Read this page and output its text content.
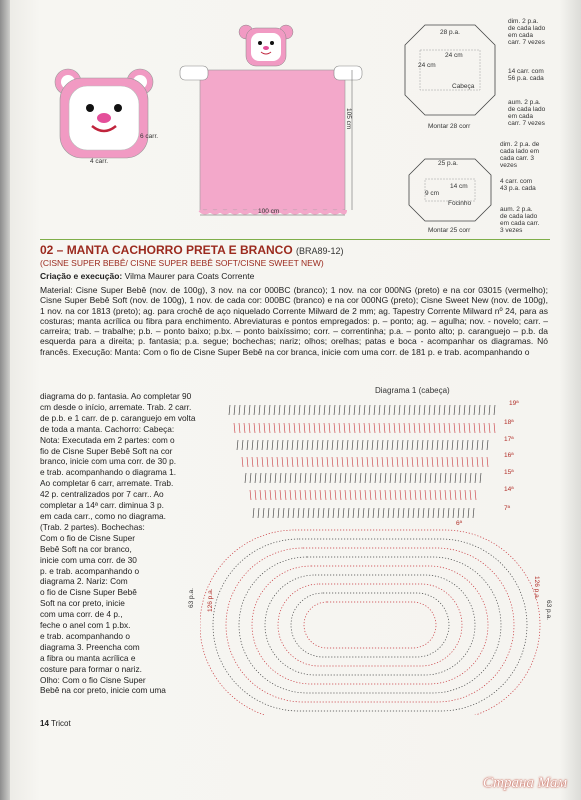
6 carr.
4 carr.
100 cm
105 cm
28 p.a.
24 cm
24 cm
Cabeça
Montar 28 corr
dim. 2 p.a. de cada lado em cada carr. 7 vezes
14 carr. com 56 p.a. cada
aum. 2 p.a. de cada lado em cada carr. 7 vezes
25 p.a.
14 cm
9 cm
Focinho
Montar 25 corr
dim. 2 p.a. de cada lado em cada carr. 3 vezes
4 carr. com 43 p.a. cada
aum. 2 p.a. de cada lado em cada carr. 3 vezes
02 – MANTA CACHORRO PRETA E BRANCO (BRA89-12)
(CISNE SUPER BEBÊ/ CISNE SUPER BEBÊ SOFT/CISNE SWEET NEW)
Criação e execução: Vilma Maurer para Coats Corrente
Material: Cisne Super Bebê (nov. de 100g), 3 nov. na cor 000BC (branco); 1 nov. na cor 000NG (preto) e na cor 03015 (vermelho); Cisne Super Bebê Soft (nov. de 100g), 1 nov. de cada cor: 000BC (branco) e na cor 000NG (preto); Cisne Sweet New (nov. de 100g), 1 nov. na cor 1813 (preto); ag. para crochê de aço niquelado Corrente Milward de 2 mm; ag. Tapestry Corrente Milward nº 24, para as costuras; manta acrílica ou fibra para enchimento. Abreviaturas e pontos empregados: p. – ponto; ag. – agulha; nov. - novelo; carr. – carreira; trab. – trabalhe; p.b. – ponto baixo; p.bx. – ponto baixíssimo; corr. – correntinha; p.a. – ponto alto; p. caranguejo – p.b. da esquerda para a direita; p. fantasia; p.a. segue; bochechas; nariz; olhos; orelhas; patas e boca - acompanhar os diagramas. Nó francês. Execução: Manta: Com o fio de Cisne Super Bebê na cor branca, inicie com uma corr. de 181 p. e trab. acompanhando o
diagrama do p. fantasia. Ao completar 90
cm desde o início, arremate. Trab. 2 carr.
de p.b. e 1 carr. de p. caranguejo em volta
de toda a manta. Cachorro: Cabeça:
Nota: Executada em 2 partes: com o
fio de Cisne Super Bebê Soft na cor
branco, inicie com uma corr. de 30 p.
e trab. acompanhando o diagrama 1.
Ao completar 6 carr, arremate. Trab.
42 p. centralizados por 7 carr.. Ao
completar a 14ª carr. diminua 3 p.
em cada carr., como no diagrama.
(Trab. 2 partes). Bochechas:
Com o fio de Cisne Super
Bebê Soft na cor branco,
inicie com uma corr. de 30
p. e trab. acompanhando o
diagrama 2. Nariz: Com
o fio de Cisne Super Bebê
Soft na cor preto, inicie
com uma corr. de 4 p.,
feche o anel com 1 p.bx.
e trab. acompanhando o
diagrama 3. Preencha com
a fibra ou manta acrílica e
costure para formar o nariz.
Olho: Com o fio Cisne Super
Bebê na cor preto, inicie com uma
Diagrama 1 (cabeça)
19ª
18ª
17ª
16ª
15ª
14ª
7ª
6ª
126 p.a.
63 p.a.	126 p.a.
63 p.a.
14 Tricot
Страна Мам
